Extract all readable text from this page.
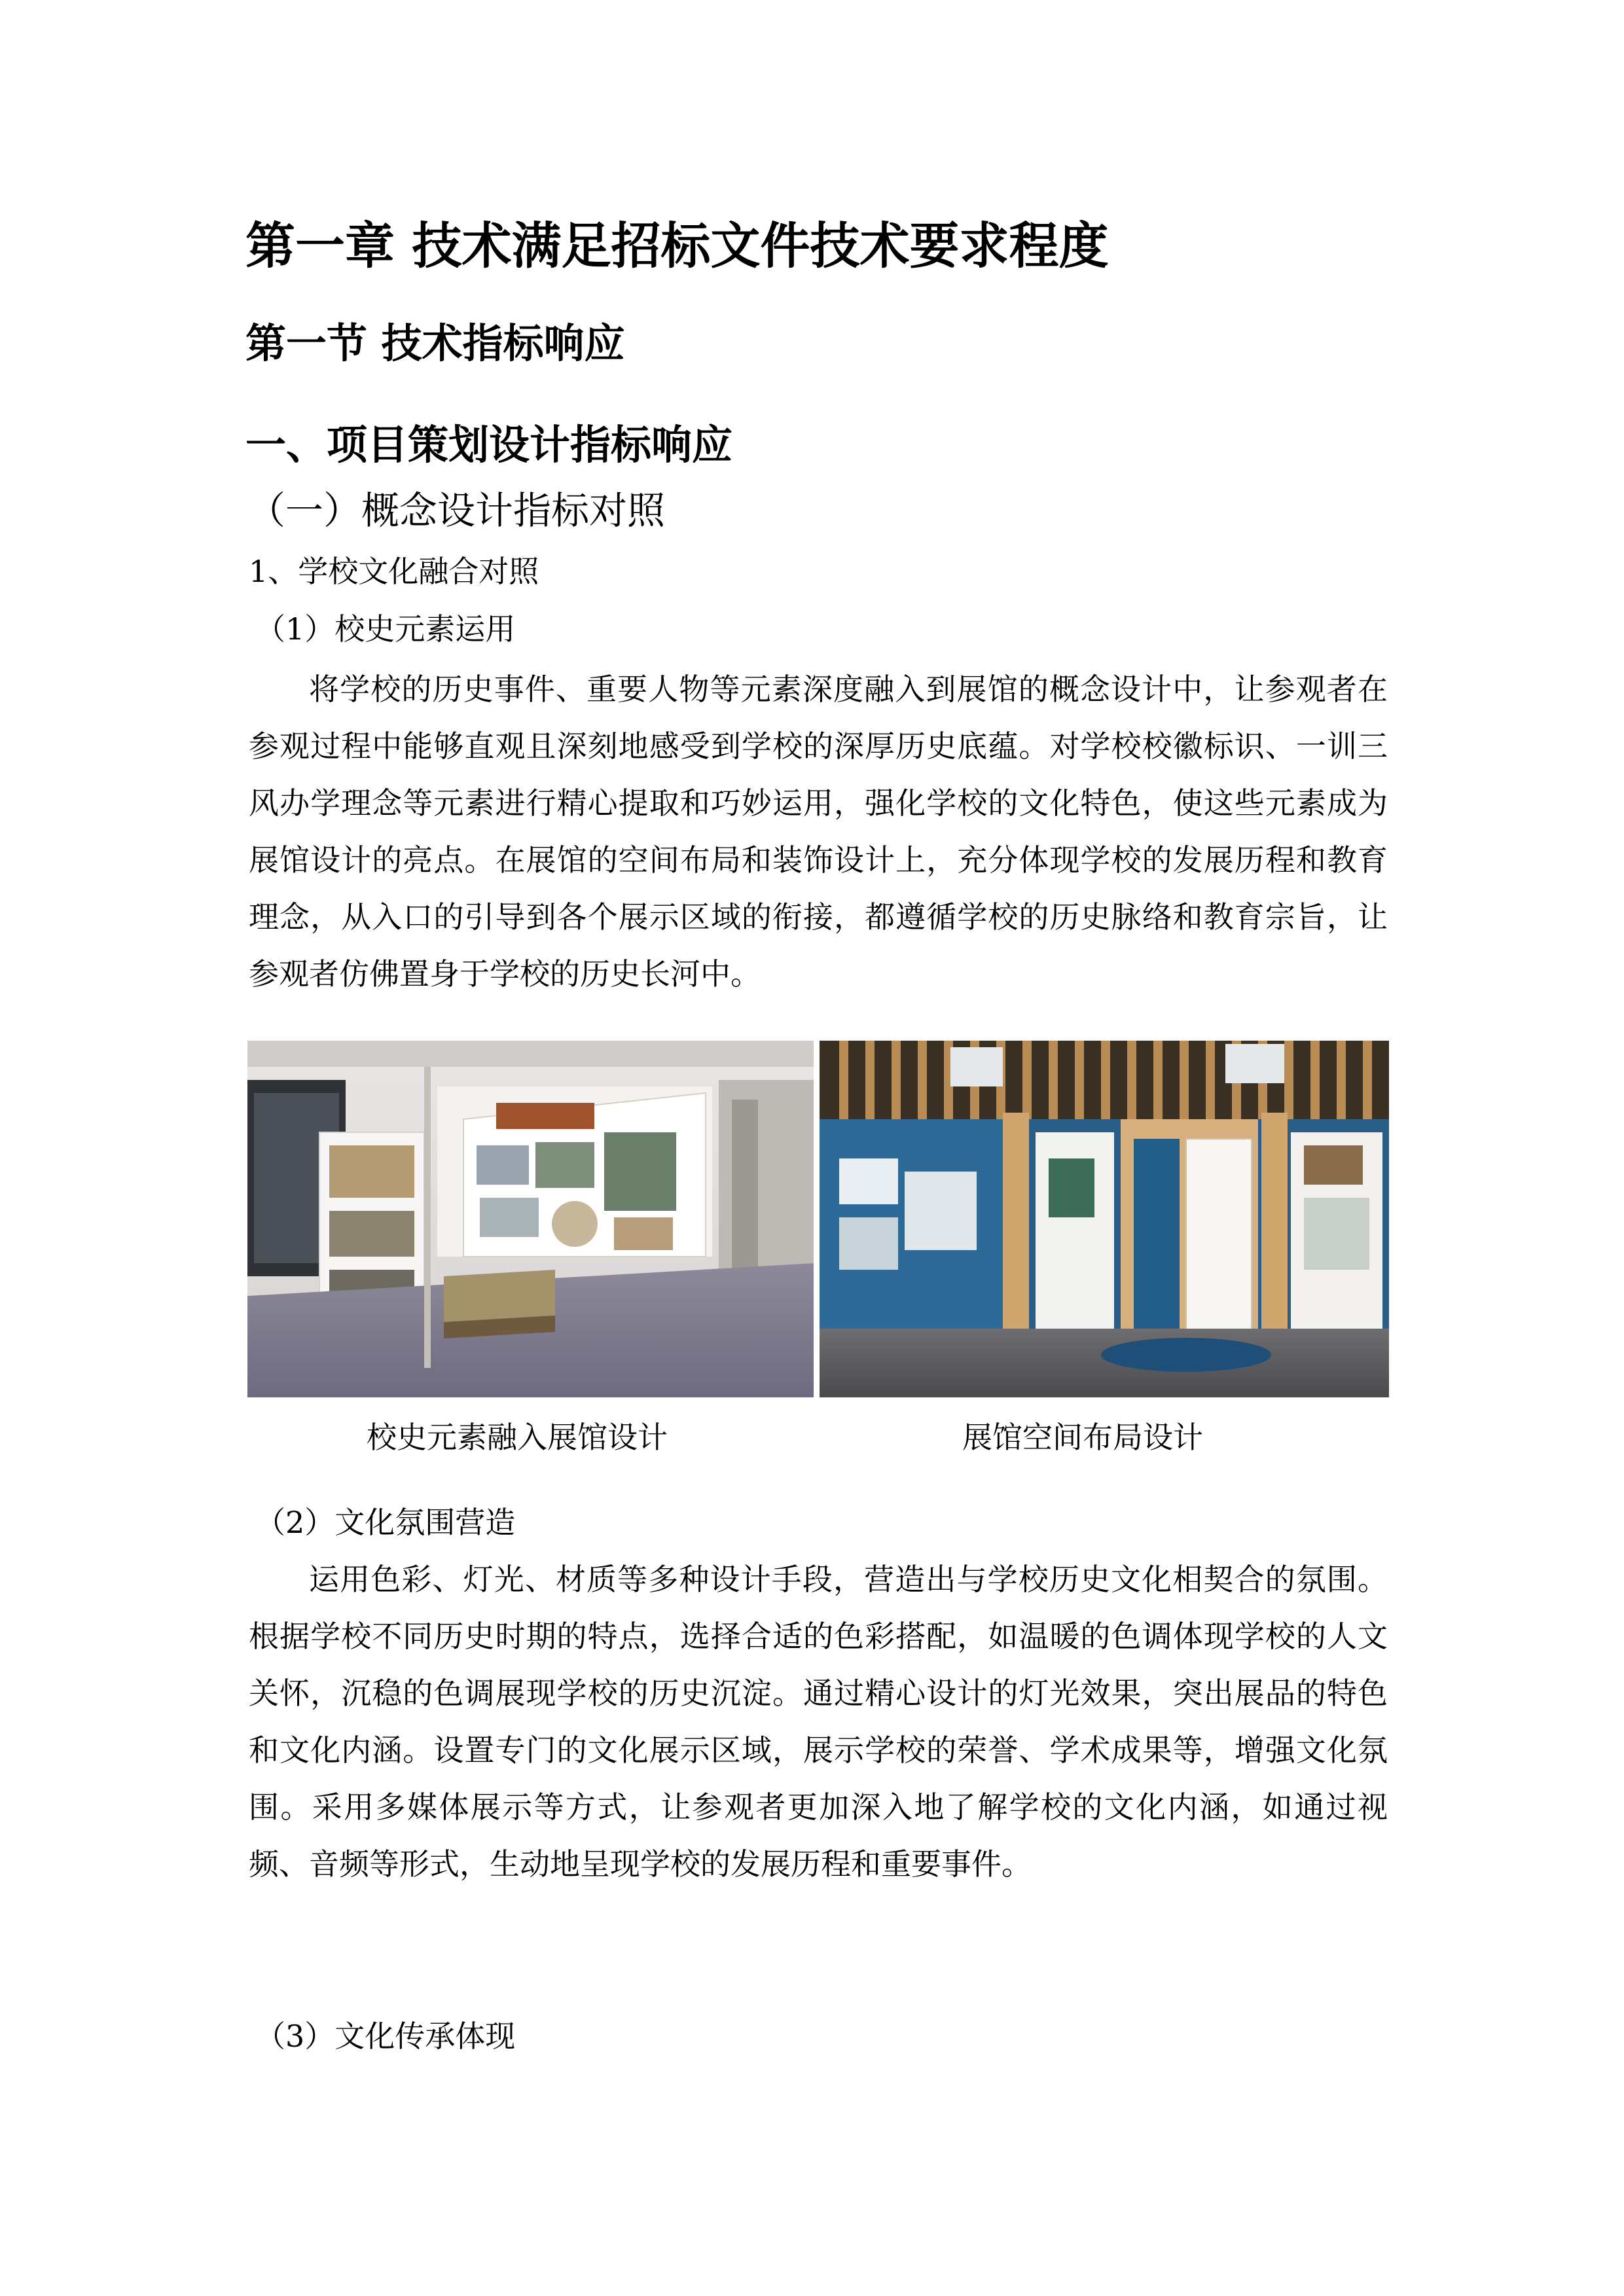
第一章 技术满足招标文件技术要求程度
第一节 技术指标响应
一、项目策划设计指标响应
（一）概念设计指标对照
1、学校文化融合对照
（1）校史元素运用

将学校的历史事件、重要人物等元素深度融入到展馆的概念设计中，让参观者在参观过程中能够直观且深刻地感受到学校的深厚历史底蕴。对学校校徽标识、一训三风办学理念等元素进行精心提取和巧妙运用，强化学校的文化特色，使这些元素成为展馆设计的亮点。在展馆的空间布局和装饰设计上，充分体现学校的发展历程和教育理念，从入口的引导到各个展示区域的衔接，都遵循学校的历史脉络和教育宗旨，让参观者仿佛置身于学校的历史长河中。

校史元素融入展馆设计	展馆空间布局设计
（2）文化氛围营造

运用色彩、灯光、材质等多种设计手段，营造出与学校历史文化相契合的氛围。根据学校不同历史时期的特点，选择合适的色彩搭配，如温暖的色调体现学校的人文关怀，沉稳的色调展现学校的历史沉淀。通过精心设计的灯光效果，突出展品的特色和文化内涵。设置专门的文化展示区域，展示学校的荣誉、学术成果等，增强文化氛围。采用多媒体展示等方式，让参观者更加深入地了解学校的文化内涵，如通过视频、音频等形式，生动地呈现学校的发展历程和重要事件。

（3）文化传承体现
